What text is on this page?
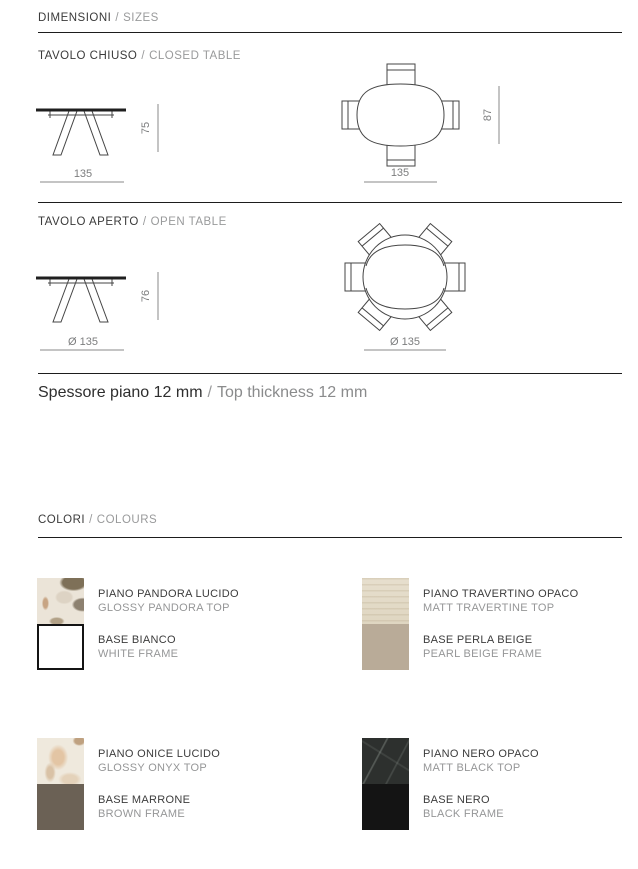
DIMENSIONI / SIZES
TAVOLO CHIUSO / CLOSED TABLE
75
135
87
135
TAVOLO APERTO / OPEN TABLE
76
Ø 135	Ø 135
Spessore piano 12 mm / Top thickness 12 mm
COLORI / COLOURS
PIANO PANDORA LUCIDO
GLOSSY PANDORA TOP
BASE BIANCO
WHITE FRAME
PIANO TRAVERTINO OPACO
MATT TRAVERTINE TOP
BASE PERLA BEIGE
PEARL BEIGE FRAME
PIANO ONICE LUCIDO
GLOSSY ONYX TOP
BASE MARRONE
BROWN FRAME
PIANO NERO OPACO
MATT BLACK TOP
BASE NERO
BLACK FRAME
